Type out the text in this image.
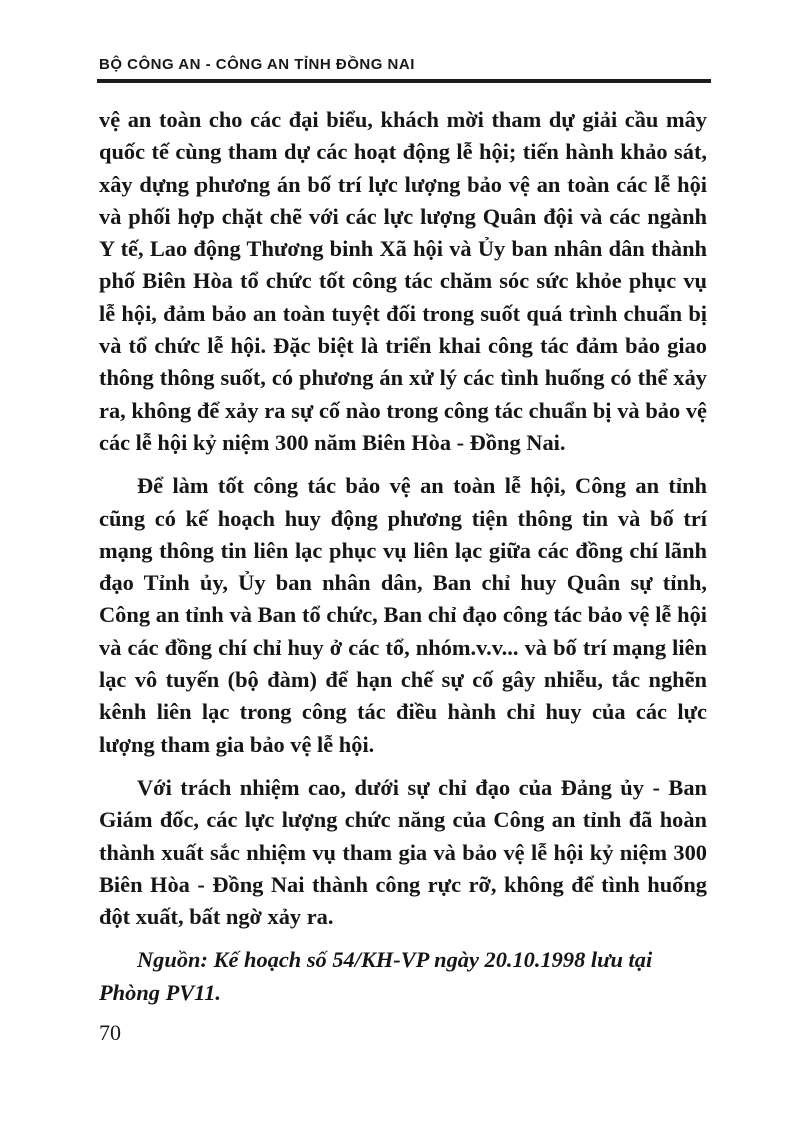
BỘ CÔNG AN - CÔNG AN TỈNH ĐỒNG NAI

vệ an toàn cho các đại biểu, khách mời tham dự giải cầu mây quốc tế cùng tham dự các hoạt động lễ hội; tiến hành khảo sát, xây dựng phương án bố trí lực lượng bảo vệ an toàn các lễ hội và phối hợp chặt chẽ với các lực lượng Quân đội và các ngành Y tế, Lao động Thương binh Xã hội và Ủy ban nhân dân thành phố Biên Hòa tổ chức tốt công tác chăm sóc sức khỏe phục vụ lễ hội, đảm bảo an toàn tuyệt đối trong suốt quá trình chuẩn bị và tổ chức lễ hội. Đặc biệt là triển khai công tác đảm bảo giao thông thông suốt, có phương án xử lý các tình huống có thể xảy ra, không để xảy ra sự cố nào trong công tác chuẩn bị và bảo vệ các lễ hội kỷ niệm 300 năm Biên Hòa - Đồng Nai.

Để làm tốt công tác bảo vệ an toàn lễ hội, Công an tỉnh cũng có kế hoạch huy động phương tiện thông tin và bố trí mạng thông tin liên lạc phục vụ liên lạc giữa các đồng chí lãnh đạo Tỉnh ủy, Ủy ban nhân dân, Ban chỉ huy Quân sự tỉnh, Công an tỉnh và Ban tổ chức, Ban chỉ đạo công tác bảo vệ lễ hội và các đồng chí chỉ huy ở các tổ, nhóm.v.v... và bố trí mạng liên lạc vô tuyến (bộ đàm) để hạn chế sự cố gây nhiễu, tắc nghẽn kênh liên lạc trong công tác điều hành chỉ huy của các lực lượng tham gia bảo vệ lễ hội.

Với trách nhiệm cao, dưới sự chỉ đạo của Đảng ủy - Ban Giám đốc, các lực lượng chức năng của Công an tỉnh đã hoàn thành xuất sắc nhiệm vụ tham gia và bảo vệ lễ hội kỷ niệm 300 Biên Hòa - Đồng Nai thành công rực rỡ, không để tình huống đột xuất, bất ngờ xảy ra.

Nguồn: Kế hoạch số 54/KH-VP ngày 20.10.1998 lưu tại Phòng PV11.

70
